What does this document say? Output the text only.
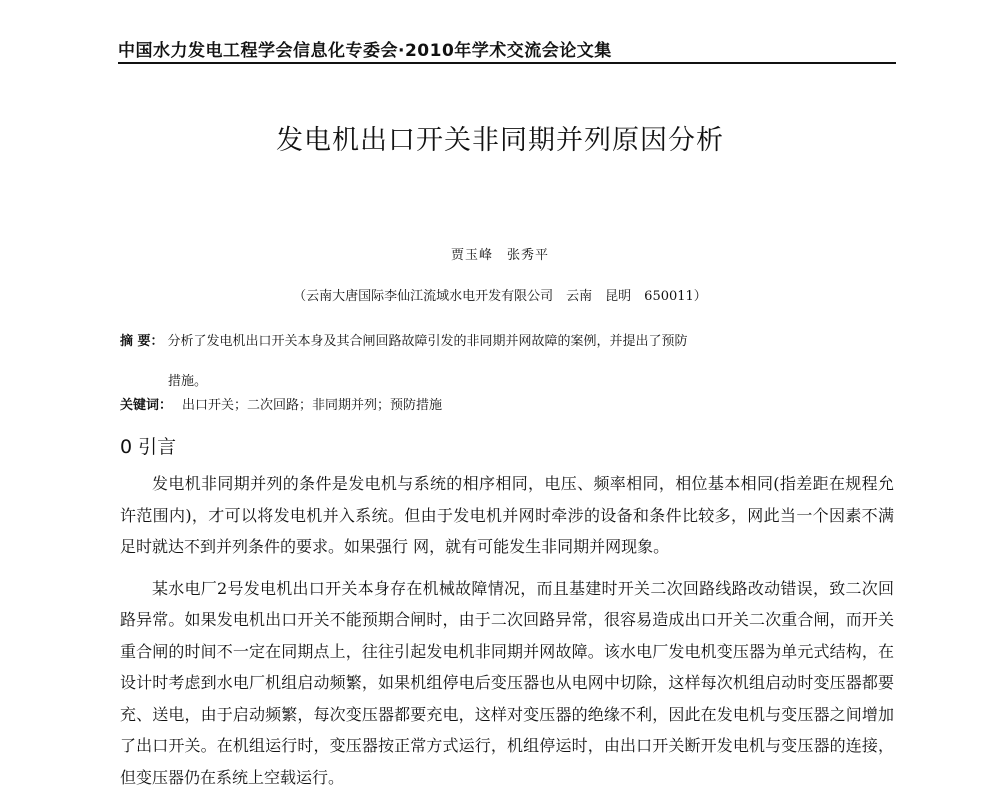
中国水力发电工程学会信息化专委会·2010年学术交流会论文集
发电机出口开关非同期并列原因分析
贾玉峰 张秀平
（云南大唐国际李仙江流域水电开发有限公司　云南　昆明　650011）
摘 要： 分析了发电机出口开关本身及其合闸回路故障引发的非同期并网故障的案例，并提出了预防
措施。
关键词： 出口开关；二次回路；非同期并列；预防措施
0 引言

发电机非同期并列的条件是发电机与系统的相序相同，电压、频率相同，相位基本相同(指差距在规程允许范围内)，才可以将发电机并入系统。但由于发电机并网时牵涉的设备和条件比较多，网此当一个因素不满足时就达不到并列条件的要求。如果强行 网，就有可能发生非同期并网现象。

某水电厂2号发电机出口开关本身存在机械故障情况，而且基建时开关二次回路线路改动错误，致二次回路异常。如果发电机出口开关不能预期合闸时，由于二次回路异常，很容易造成出口开关二次重合闸，而开关重合闸的时间不一定在同期点上，往往引起发电机非同期并网故障。该水电厂发电机变压器为单元式结构，在设计时考虑到水电厂机组启动频繁，如果机组停电后变压器也从电网中切除，这样每次机组启动时变压器都要充、送电，由于启动频繁，每次变压器都要充电，这样对变压器的绝缘不利，因此在发电机与变压器之间增加了出口开关。在机组运行时，变压器按正常方式运行，机组停运时，由出口开关断开发电机与变压器的连接，但变压器仍在系统上空载运行。
